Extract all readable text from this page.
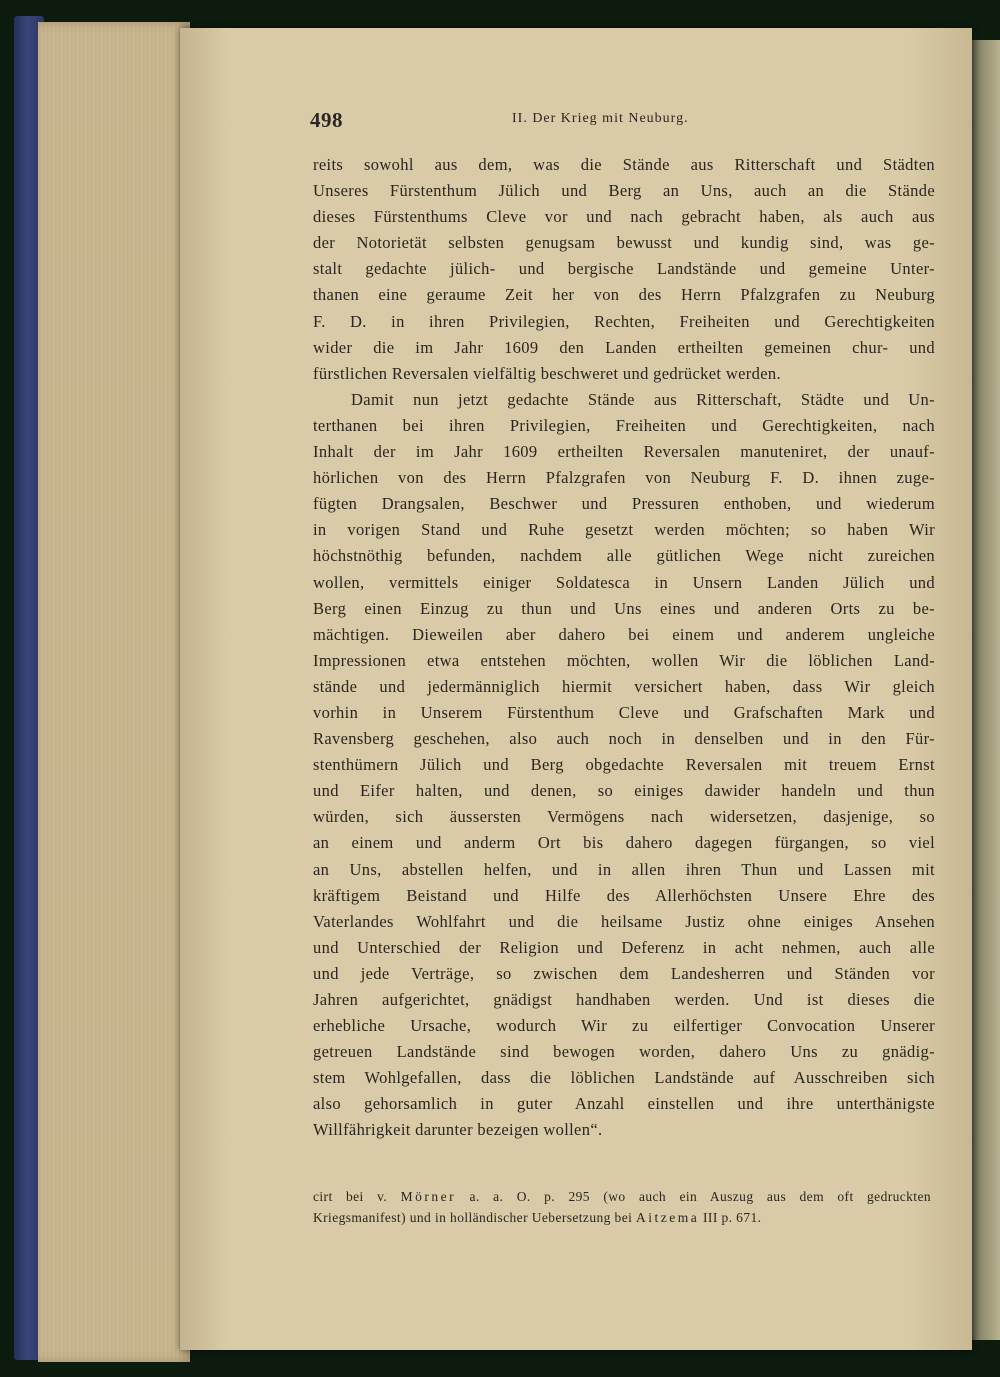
498	II. Der Krieg mit Neuburg.
reits sowohl aus dem, was die Stände aus Ritterschaft und Städten
Unseres Fürstenthum Jülich und Berg an Uns, auch an die Stände
dieses Fürstenthums Cleve vor und nach gebracht haben, als auch aus
der Notorietät selbsten genugsam bewusst und kundig sind, was ge-
stalt gedachte jülich- und bergische Landstände und gemeine Unter-
thanen eine geraume Zeit her von des Herrn Pfalzgrafen zu Neuburg
F. D. in ihren Privilegien, Rechten, Freiheiten und Gerechtigkeiten
wider die im Jahr 1609 den Landen ertheilten gemeinen chur- und
fürstlichen Reversalen vielfältig beschweret und gedrücket werden.
Damit nun jetzt gedachte Stände aus Ritterschaft, Städte und Un-
terthanen bei ihren Privilegien, Freiheiten und Gerechtigkeiten, nach
Inhalt der im Jahr 1609 ertheilten Reversalen manuteniret, der unauf-
hörlichen von des Herrn Pfalzgrafen von Neuburg F. D. ihnen zuge-
fügten Drangsalen, Beschwer und Pressuren enthoben, und wiederum
in vorigen Stand und Ruhe gesetzt werden möchten; so haben Wir
höchstnöthig befunden, nachdem alle gütlichen Wege nicht zureichen
wollen, vermittels einiger Soldatesca in Unsern Landen Jülich und
Berg einen Einzug zu thun und Uns eines und anderen Orts zu be-
mächtigen. Dieweilen aber dahero bei einem und anderem ungleiche
Impressionen etwa entstehen möchten, wollen Wir die löblichen Land-
stände und jedermänniglich hiermit versichert haben, dass Wir gleich
vorhin in Unserem Fürstenthum Cleve und Grafschaften Mark und
Ravensberg geschehen, also auch noch in denselben und in den Für-
stenthümern Jülich und Berg obgedachte Reversalen mit treuem Ernst
und Eifer halten, und denen, so einiges dawider handeln und thun
würden, sich äussersten Vermögens nach widersetzen, dasjenige, so
an einem und anderm Ort bis dahero dagegen fürgangen, so viel
an Uns, abstellen helfen, und in allen ihren Thun und Lassen mit
kräftigem Beistand und Hilfe des Allerhöchsten Unsere Ehre des
Vaterlandes Wohlfahrt und die heilsame Justiz ohne einiges Ansehen
und Unterschied der Religion und Deferenz in acht nehmen, auch alle
und jede Verträge, so zwischen dem Landesherren und Ständen vor
Jahren aufgerichtet, gnädigst handhaben werden. Und ist dieses die
erhebliche Ursache, wodurch Wir zu eilfertiger Convocation Unserer
getreuen Landstände sind bewogen worden, dahero Uns zu gnädig-
stem Wohlgefallen, dass die löblichen Landstände auf Ausschreiben sich
also gehorsamlich in guter Anzahl einstellen und ihre unterthänigste
Willfährigkeit darunter bezeigen wollen“.
cirt bei v. Mörner a. a. O. p. 295 (wo auch ein Auszug aus dem oft gedruckten
Kriegsmanifest) und in holländischer Uebersetzung bei Aitzema III p. 671.
